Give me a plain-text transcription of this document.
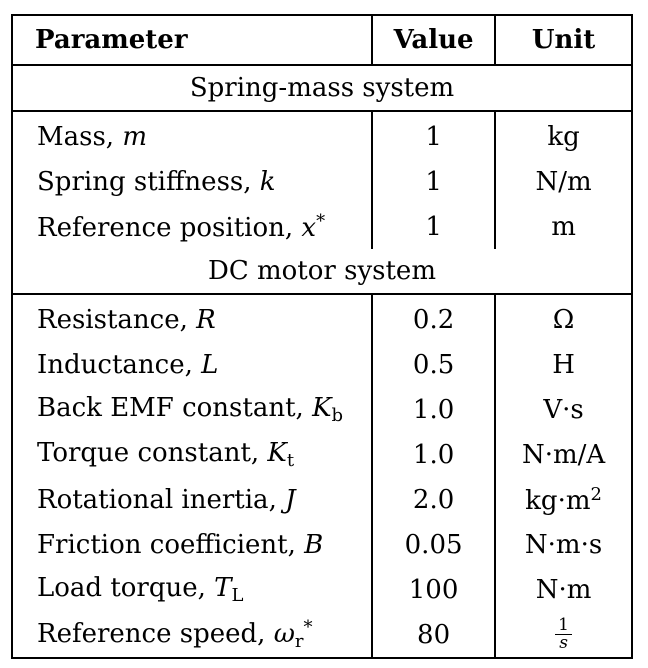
Parameter	Value	Unit
Spring-mass system		
Mass, m	1	kg
Spring stiffness, k	1	N/m
Reference position, x*	1	m
DC motor system		
Resistance, R	0.2	Ω
Inductance, L	0.5	H
Back EMF constant, $K_b$	1.0	V·s
Torque constant, $K_t$	1.0	N·m/A
Rotational inertia, J	2.0	$kg\cdot m^2$
Friction coefficient, B	0.05	N·m·s
Load torque, $T_L$	100	N·m
Reference speed, $\omega_r^*$	80	$\frac{1}{s}$
